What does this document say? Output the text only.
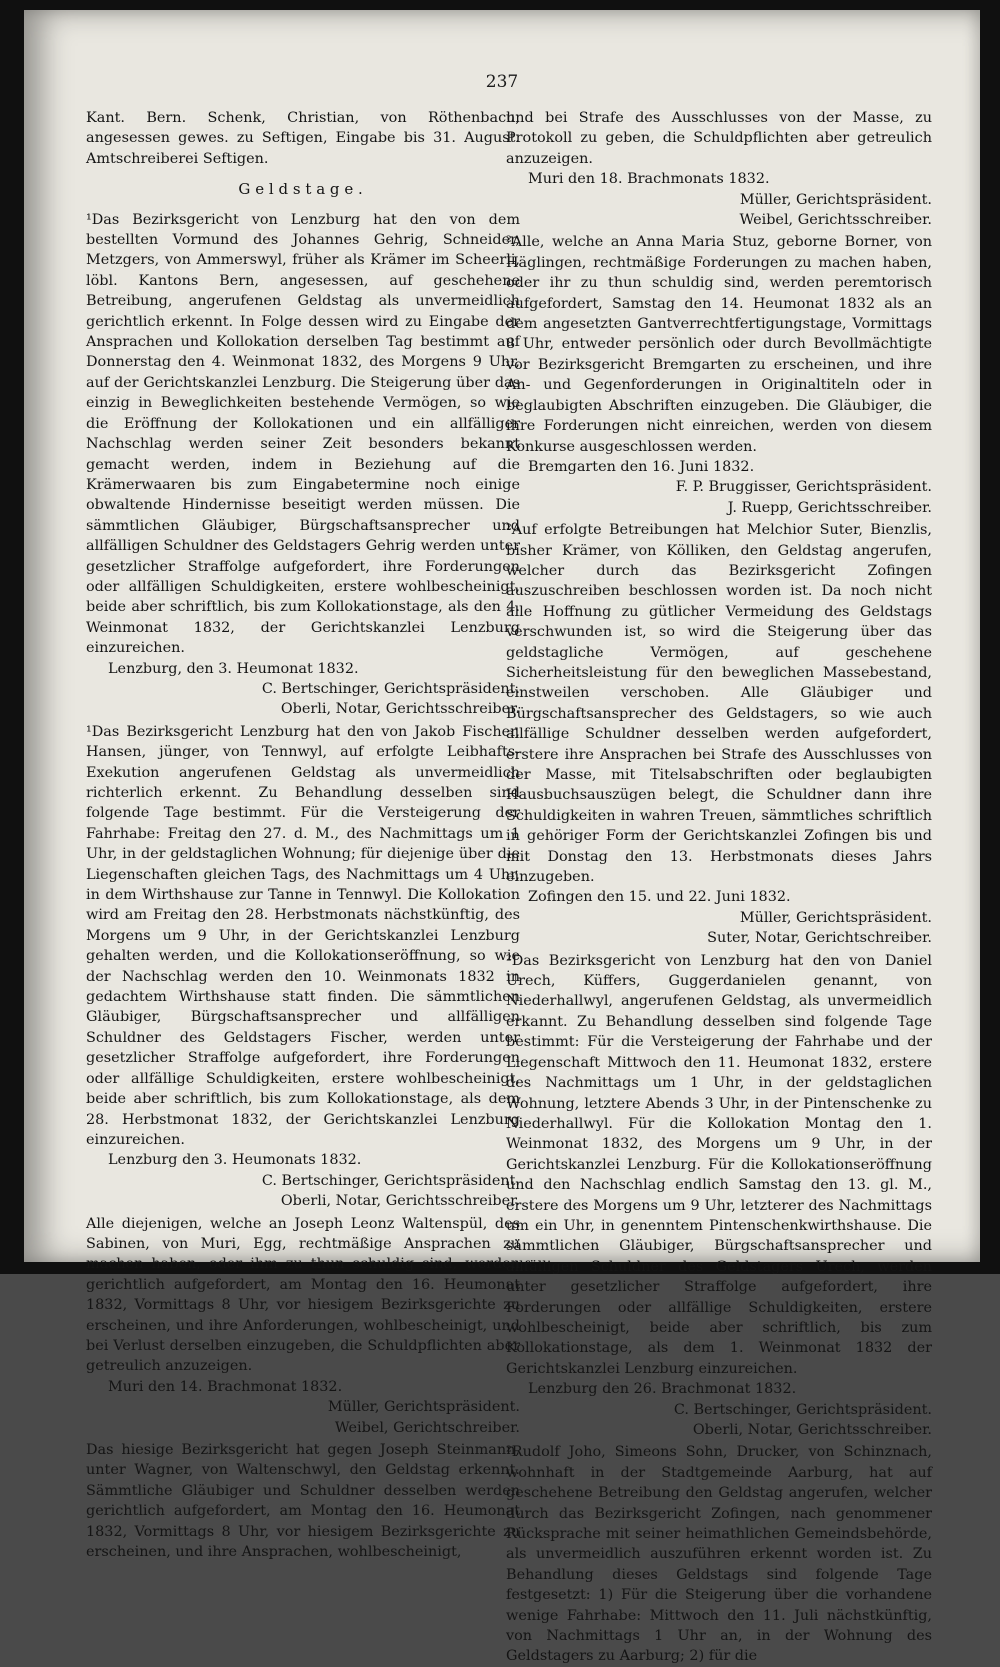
237

Kant. Bern. Schenk, Christian, von Röthenbach, angesessen gewes. zu Seftigen, Eingabe bis 31. August. Amtschreiberei Seftigen.

Geldstage.

¹Das Bezirksgericht von Lenzburg hat den von dem bestellten Vormund des Johannes Gehrig, Schneider, Metzgers, von Ammerswyl, früher als Krämer im Scheerli, löbl. Kantons Bern, angesessen, auf geschehene Betreibung, angerufenen Geldstag als unvermeidlich gerichtlich erkennt. In Folge dessen wird zu Eingabe der Ansprachen und Kollokation derselben Tag bestimmt auf Donnerstag den 4. Weinmonat 1832, des Morgens 9 Uhr, auf der Gerichtskanzlei Lenzburg. Die Steigerung über das einzig in Beweglichkeiten bestehende Vermögen, so wie die Eröffnung der Kollokationen und ein allfälliger Nachschlag werden seiner Zeit besonders bekannt gemacht werden, indem in Beziehung auf die Krämerwaaren bis zum Eingabetermine noch einige obwaltende Hindernisse beseitigt werden müssen. Die sämmtlichen Gläubiger, Bürgschaftsansprecher und allfälligen Schuldner des Geldstagers Gehrig werden unter gesetzlicher Straffolge aufgefordert, ihre Forderungen oder allfälligen Schuldigkeiten, erstere wohlbescheinigt, beide aber schriftlich, bis zum Kollokationstage, als den 4. Weinmonat 1832, der Gerichtskanzlei Lenzburg einzureichen.

Lenzburg, den 3. Heumonat 1832.

C. Bertschinger, Gerichtspräsident.

Oberli, Notar, Gerichtsschreiber.

¹Das Bezirksgericht Lenzburg hat den von Jakob Fischer, Hansen, jünger, von Tennwyl, auf erfolgte Leibhafts-Exekution angerufenen Geldstag als unvermeidlich richterlich erkennt. Zu Behandlung desselben sind folgende Tage bestimmt. Für die Versteigerung der Fahrhabe: Freitag den 27. d. M., des Nachmittags um 1 Uhr, in der geldstaglichen Wohnung; für diejenige über die Liegenschaften gleichen Tags, des Nachmittags um 4 Uhr, in dem Wirthshause zur Tanne in Tennwyl. Die Kollokation wird am Freitag den 28. Herbstmonats nächstkünftig, des Morgens um 9 Uhr, in der Gerichtskanzlei Lenzburg gehalten werden, und die Kollokationseröffnung, so wie der Nachschlag werden den 10. Weinmonats 1832 in gedachtem Wirthshause statt finden. Die sämmtlichen Gläubiger, Bürgschaftsansprecher und allfälligen Schuldner des Geldstagers Fischer, werden unter gesetzlicher Straffolge aufgefordert, ihre Forderungen oder allfällige Schuldigkeiten, erstere wohlbescheinigt, beide aber schriftlich, bis zum Kollokationstage, als dem 28. Herbstmonat 1832, der Gerichtskanzlei Lenzburg einzureichen.

Lenzburg den 3. Heumonats 1832.

C. Bertschinger, Gerichtspräsident.

Oberli, Notar, Gerichtsschreiber.

Alle diejenigen, welche an Joseph Leonz Waltenspül, des Sabinen, von Muri, Egg, rechtmäßige Ansprachen zu machen haben, oder ihm zu thun schuldig sind, werden gerichtlich aufgefordert, am Montag den 16. Heumonat 1832, Vormittags 8 Uhr, vor hiesigem Bezirksgerichte zu erscheinen, und ihre Anforderungen, wohlbescheinigt, und bei Verlust derselben einzugeben, die Schuldpflichten aber getreulich anzuzeigen.

Muri den 14. Brachmonat 1832.

Müller, Gerichtspräsident.

Weibel, Gerichtschreiber.

Das hiesige Bezirksgericht hat gegen Joseph Steinmann, unter Wagner, von Waltenschwyl, den Geldstag erkennt. Sämmtliche Gläubiger und Schuldner desselben werden gerichtlich aufgefordert, am Montag den 16. Heumonat 1832, Vormittags 8 Uhr, vor hiesigem Bezirksgerichte zu erscheinen, und ihre Ansprachen, wohlbescheinigt,

und bei Strafe des Ausschlusses von der Masse, zu Protokoll zu geben, die Schuldpflichten aber getreulich anzuzeigen.

Muri den 18. Brachmonats 1832.

Müller, Gerichtspräsident.

Weibel, Gerichtsschreiber.

²Alle, welche an Anna Maria Stuz, geborne Borner, von Häglingen, rechtmäßige Forderungen zu machen haben, oder ihr zu thun schuldig sind, werden peremtorisch aufgefordert, Samstag den 14. Heumonat 1832 als an dem angesetzten Gantverrechtfertigungstage, Vormittags 8 Uhr, entweder persönlich oder durch Bevollmächtigte vor Bezirksgericht Bremgarten zu erscheinen, und ihre An- und Gegenforderungen in Originaltiteln oder in beglaubigten Abschriften einzugeben. Die Gläubiger, die ihre Forderungen nicht einreichen, werden von diesem Konkurse ausgeschlossen werden.

Bremgarten den 16. Juni 1832.

F. P. Bruggisser, Gerichtspräsident.

J. Ruepp, Gerichtsschreiber.

²Auf erfolgte Betreibungen hat Melchior Suter, Bienzlis, bisher Krämer, von Kölliken, den Geldstag angerufen, welcher durch das Bezirksgericht Zofingen auszuschreiben beschlossen worden ist. Da noch nicht alle Hoffnung zu gütlicher Vermeidung des Geldstags verschwunden ist, so wird die Steigerung über das geldstagliche Vermögen, auf geschehene Sicherheitsleistung für den beweglichen Massebestand, einstweilen verschoben. Alle Gläubiger und Bürgschaftsansprecher des Geldstagers, so wie auch allfällige Schuldner desselben werden aufgefordert, erstere ihre Ansprachen bei Strafe des Ausschlusses von der Masse, mit Titelsabschriften oder beglaubigten Hausbuchsauszügen belegt, die Schuldner dann ihre Schuldigkeiten in wahren Treuen, sämmtliches schriftlich in gehöriger Form der Gerichtskanzlei Zofingen bis und mit Donstag den 13. Herbstmonats dieses Jahrs einzugeben.

Zofingen den 15. und 22. Juni 1832.

Müller, Gerichtspräsident.

Suter, Notar, Gerichtschreiber.

²Das Bezirksgericht von Lenzburg hat den von Daniel Urech, Küffers, Guggerdanielen genannt, von Niederhallwyl, angerufenen Geldstag, als unvermeidlich erkannt. Zu Behandlung desselben sind folgende Tage bestimmt: Für die Versteigerung der Fahrhabe und der Liegenschaft Mittwoch den 11. Heumonat 1832, erstere des Nachmittags um 1 Uhr, in der geldstaglichen Wohnung, letztere Abends 3 Uhr, in der Pintenschenke zu Niederhallwyl. Für die Kollokation Montag den 1. Weinmonat 1832, des Morgens um 9 Uhr, in der Gerichtskanzlei Lenzburg. Für die Kollokationseröffnung und den Nachschlag endlich Samstag den 13. gl. M., erstere des Morgens um 9 Uhr, letzterer des Nachmittags um ein Uhr, in genenntem Pintenschenkwirthshause. Die sämmtlichen Gläubiger, Bürgschaftsansprecher und allfälligen Schuldner des Geldstagers Urech, werden unter gesetzlicher Straffolge aufgefordert, ihre Forderungen oder allfällige Schuldigkeiten, erstere wohlbescheinigt, beide aber schriftlich, bis zum Kollokationstage, als dem 1. Weinmonat 1832 der Gerichtskanzlei Lenzburg einzureichen.

Lenzburg den 26. Brachmonat 1832.

C. Bertschinger, Gerichtspräsident.

Oberli, Notar, Gerichtsschreiber.

²Rudolf Joho, Simeons Sohn, Drucker, von Schinznach, wohnhaft in der Stadtgemeinde Aarburg, hat auf geschehene Betreibung den Geldstag angerufen, welcher durch das Bezirksgericht Zofingen, nach genommener Rücksprache mit seiner heimathlichen Gemeindsbehörde, als unvermeidlich auszuführen erkennt worden ist. Zu Behandlung dieses Geldstags sind folgende Tage festgesetzt: 1) Für die Steigerung über die vorhandene wenige Fahrhabe: Mittwoch den 11. Juli nächstkünftig, von Nachmittags 1 Uhr an, in der Wohnung des Geldstagers zu Aarburg; 2) für die
